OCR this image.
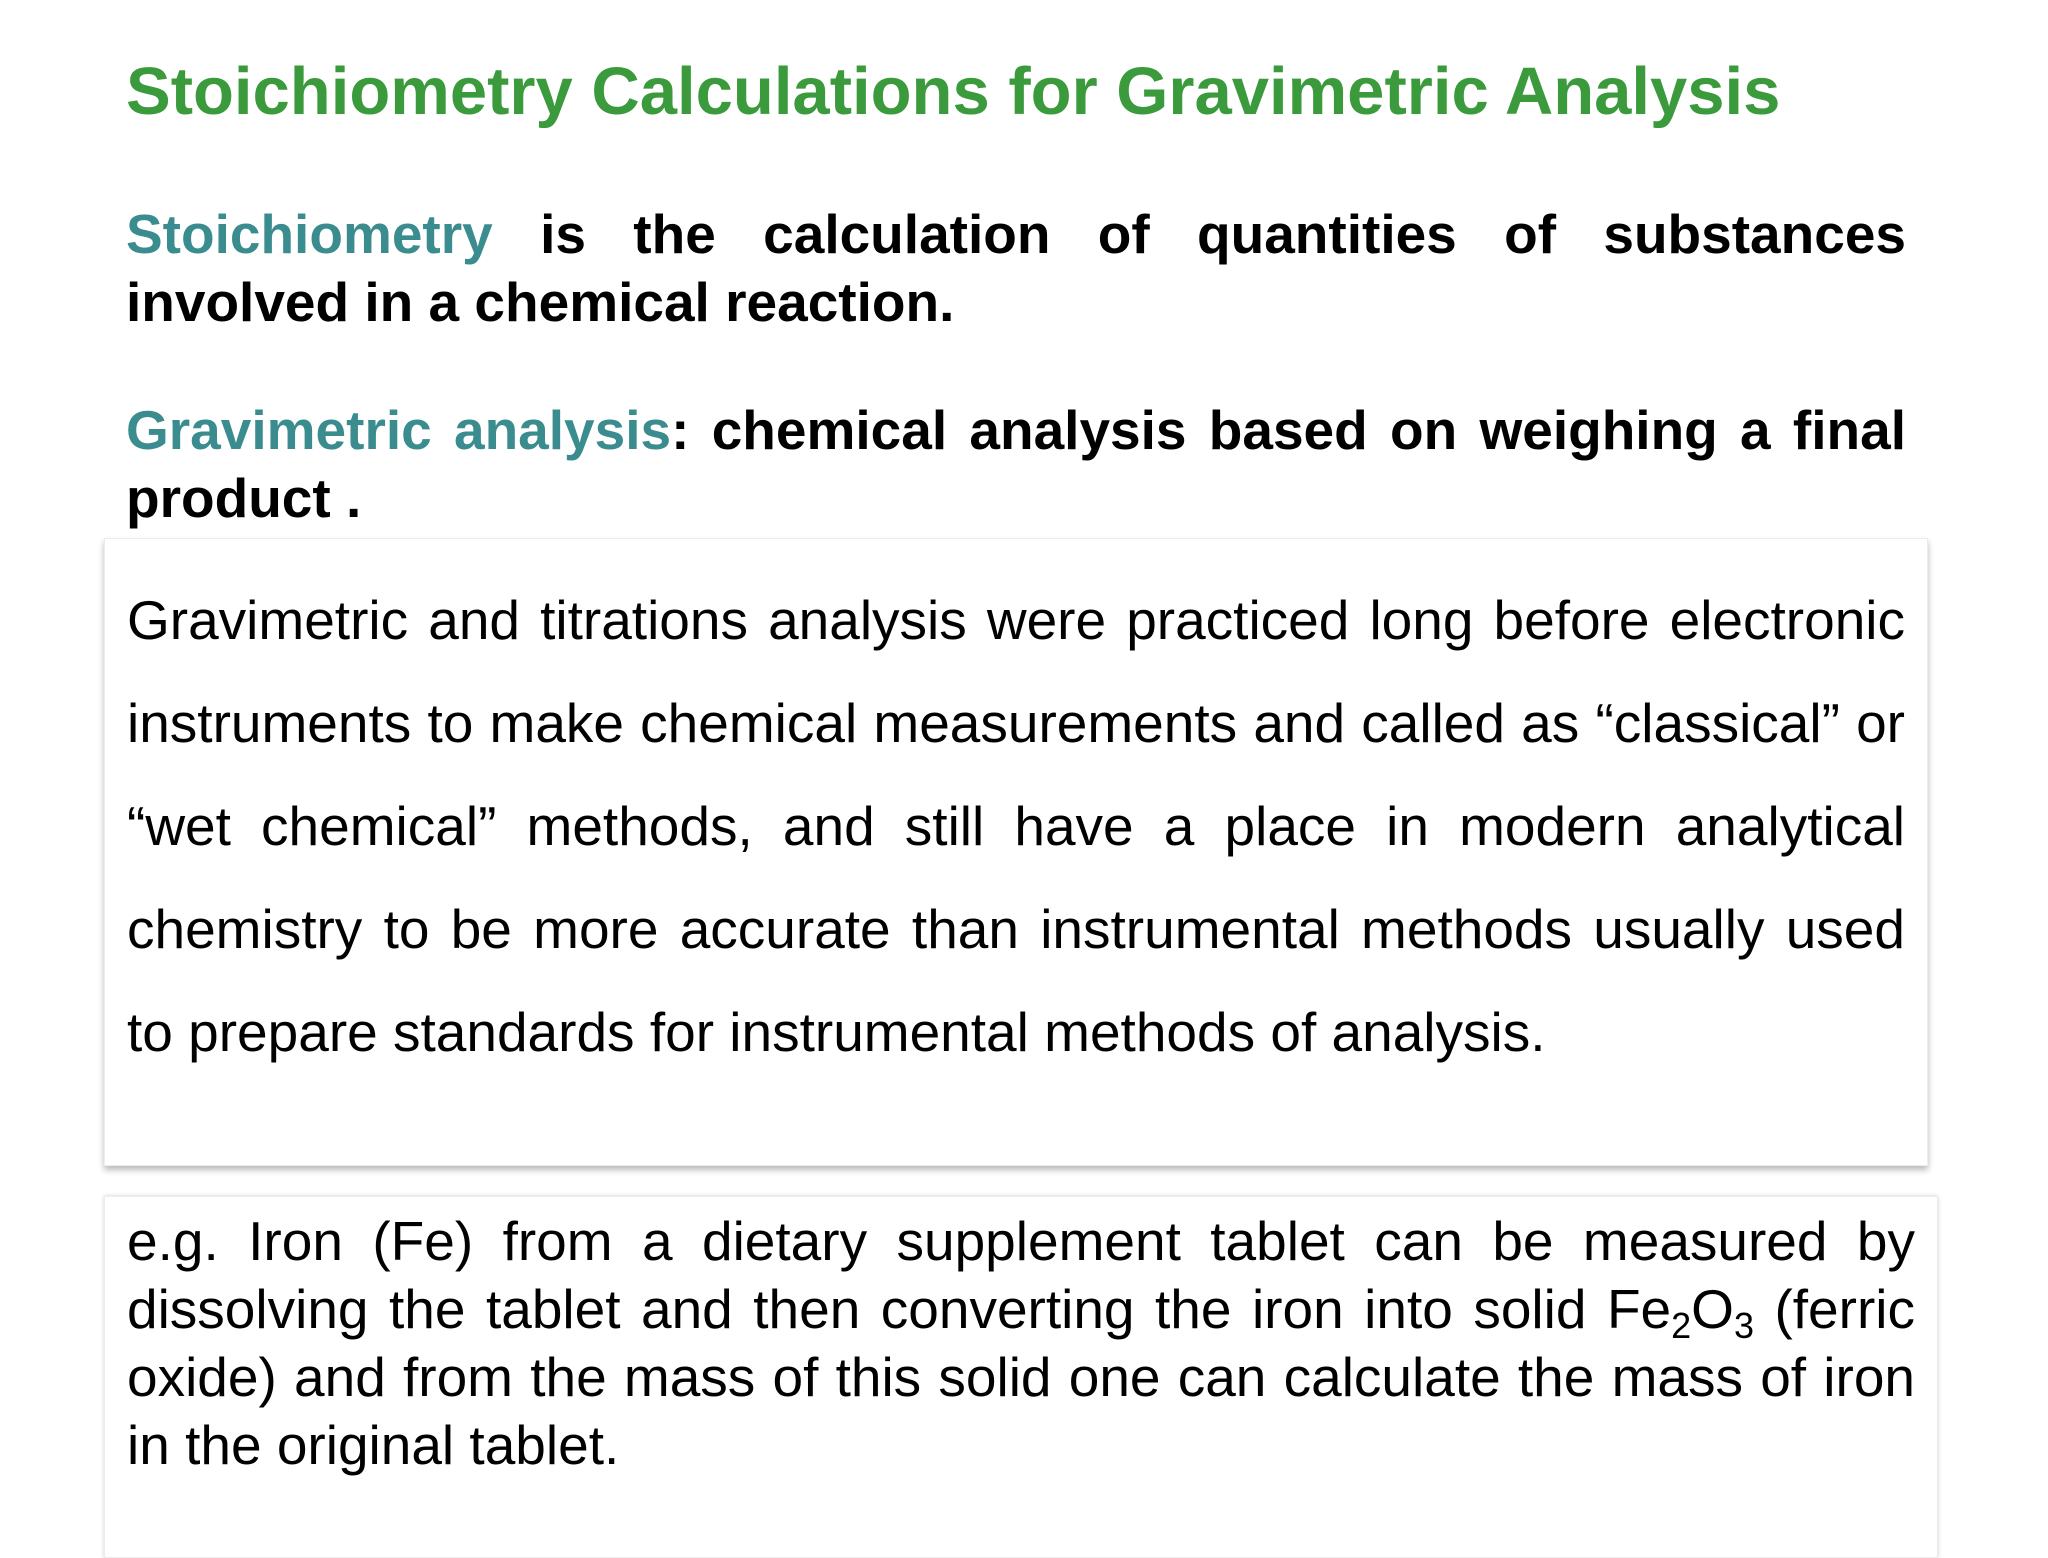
Stoichiometry Calculations for Gravimetric Analysis

Stoichiometry is the calculation of quantities of substances involved in a chemical reaction.

Gravimetric analysis: chemical analysis based on weighing a final product .

Gravimetric and titrations analysis were practiced long before electronic instruments to make chemical measurements and called as “classical” or “wet chemical” methods, and still have a place in modern analytical chemistry to be more accurate than instrumental methods usually used to prepare standards for instrumental methods of analysis.

e.g. Iron (Fe) from a dietary supplement tablet can be measured by dissolving the tablet and then converting the iron into solid $Fe_2O_3$ (ferric oxide) and from the mass of this solid one can calculate the mass of iron in the original tablet.
